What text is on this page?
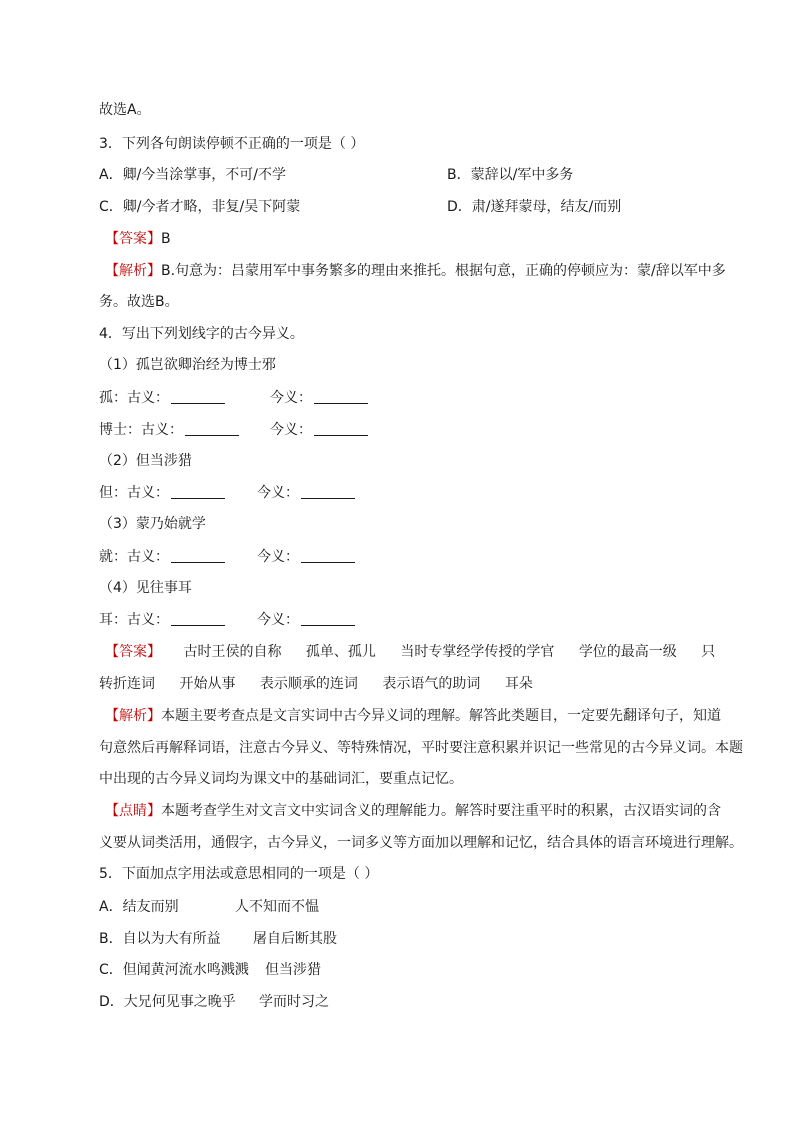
故选A。
3．下列各句朗读停顿不正确的一项是（ ）
A．卿/今当涂掌事，不可/不学	B．蒙辞以/军中多务
C．卿/今者才略，非复/吴下阿蒙	D．肃/遂拜蒙母，结友/而别
【答案】B
【解析】B.句意为：吕蒙用军中事务繁多的理由来推托。根据句意，正确的停顿应为：蒙/辞以军中多
务。故选B。
4．写出下列划线字的古今异义。
（1）孤岂欲卿治经为博士邪
孤：古义：	今义：
博士：古义：	今义：
（2）但当涉猎
但：古义：	今义：
（3）蒙乃始就学
就：古义：	今义：
（4）见往事耳
耳：古义：	今义：
【答案】 古时王侯的自称 孤单、孤儿 当时专掌经学传授的学官 学位的最高一级 只
转折连词 开始从事 表示顺承的连词 表示语气的助词 耳朵
【解析】本题主要考查点是文言实词中古今异义词的理解。解答此类题目，一定要先翻译句子，知道
句意然后再解释词语，注意古今异义、等特殊情况，平时要注意积累并识记一些常见的古今异义词。本题
中出现的古今异义词均为课文中的基础词汇，要重点记忆。
【点睛】本题考查学生对文言文中实词含义的理解能力。解答时要注重平时的积累，古汉语实词的含
义要从词类活用，通假字，古今异义，一词多义等方面加以理解和记忆，结合具体的语言环境进行理解。
5．下面加点字用法或意思相同的一项是（ ）
A．结友而别	人不知而不愠
B．自以为大有所益 屠自后断其股
C．但闻黄河流水鸣溅溅 但当涉猎
D．大兄何见事之晚乎 学而时习之
